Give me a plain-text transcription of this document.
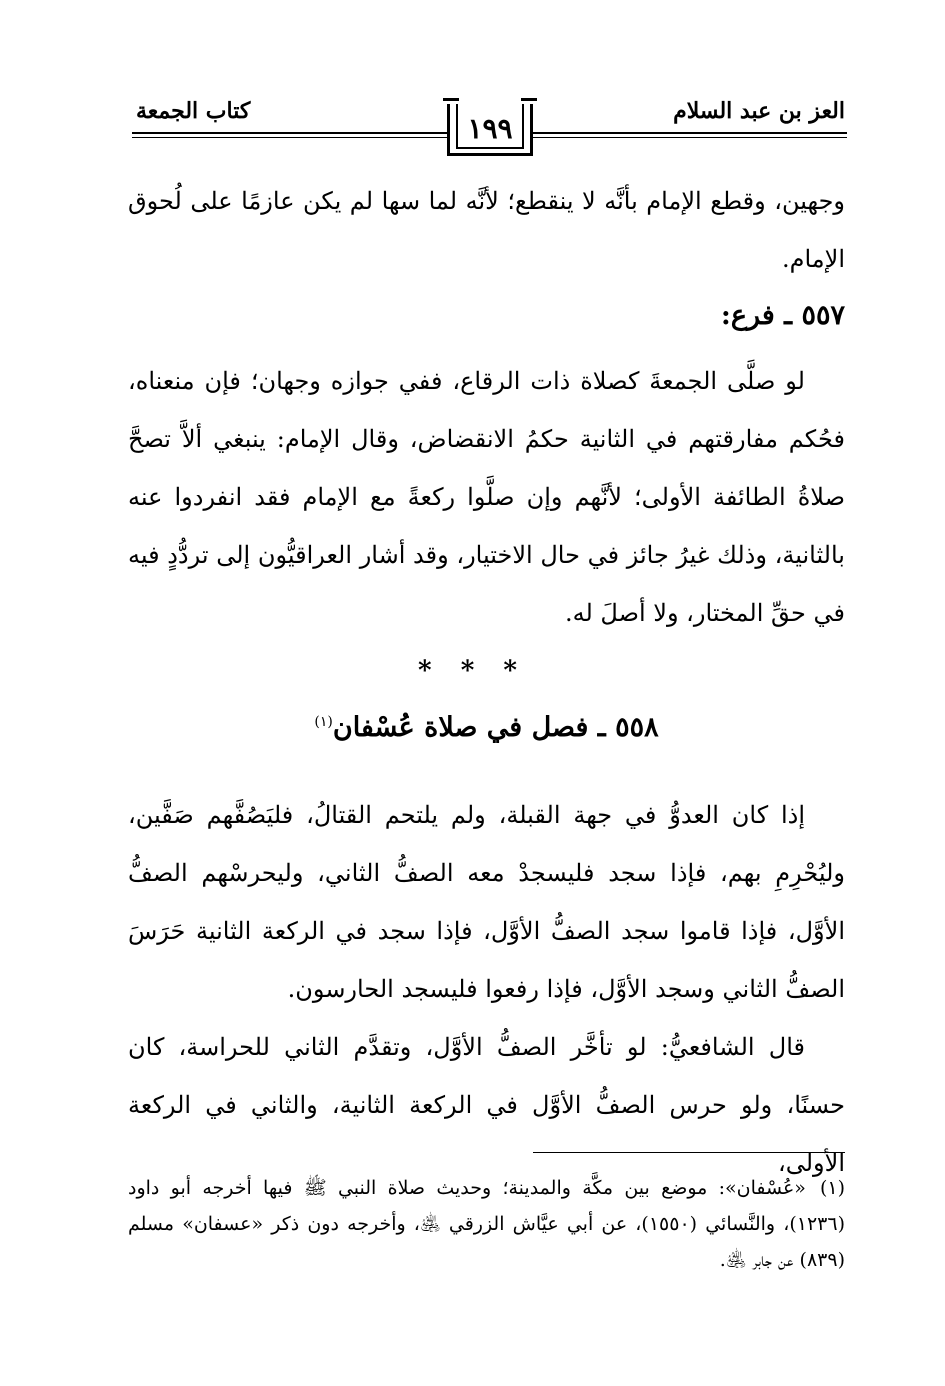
العز بن عبد السلام
كتاب الجمعة
١٩٩
وجهين، وقطع الإمام بأنَّه لا ينقطع؛ لأنَّه لما سها لم يكن عازمًا على لُحوق الإمام.
٥٥٧ ـ فرع:
لو صلَّى الجمعةَ كصلاة ذات الرقاع، ففي جوازه وجهان؛ فإن منعناه، فحُكم مفارقتهم في الثانية حكمُ الانقضاض، وقال الإمام: ينبغي ألاَّ تصحَّ صلاةُ الطائفة الأولى؛ لأنَّهم وإن صلَّوا ركعةً مع الإمام فقد انفردوا عنه بالثانية، وذلك غيرُ جائز في حال الاختيار، وقد أشار العراقيُّون إلى تردُّدٍ فيه في حقِّ المختار، ولا أصلَ له.
* * *
٥٥٨ ـ فصل في صلاة عُسْفان$^{(١)}$
إذا كان العدوُّ في جهة القبلة، ولم يلتحم القتالُ، فليَصُفَّهم صَفَّين، وليُحْرِمِ بهم، فإذا سجد فليسجدْ معه الصفُّ الثاني، وليحرسْهم الصفُّ الأوَّل، فإذا قاموا سجد الصفُّ الأوَّل، فإذا سجد في الركعة الثانية حَرَسَ الصفُّ الثاني وسجد الأوَّل، فإذا رفعوا فليسجد الحارسون.
قال الشافعيُّ: لو تأخَّر الصفُّ الأوَّل، وتقدَّم الثاني للحراسة، كان حسنًا، ولو حرس الصفُّ الأوَّل في الركعة الثانية، والثاني في الركعة الأولى،
(١)«عُسْفان»: موضع بين مكَّة والمدينة؛ وحديث صلاة النبي ﷺ فيها أخرجه أبو داود (١٢٣٦)، والنَّسائي (١٥٥٠)، عن أبي عيَّاش الزرقي ﵁، وأخرجه دون ذكر «عسفان» مسلم (٨٣٩) عن جابر ﵁.
